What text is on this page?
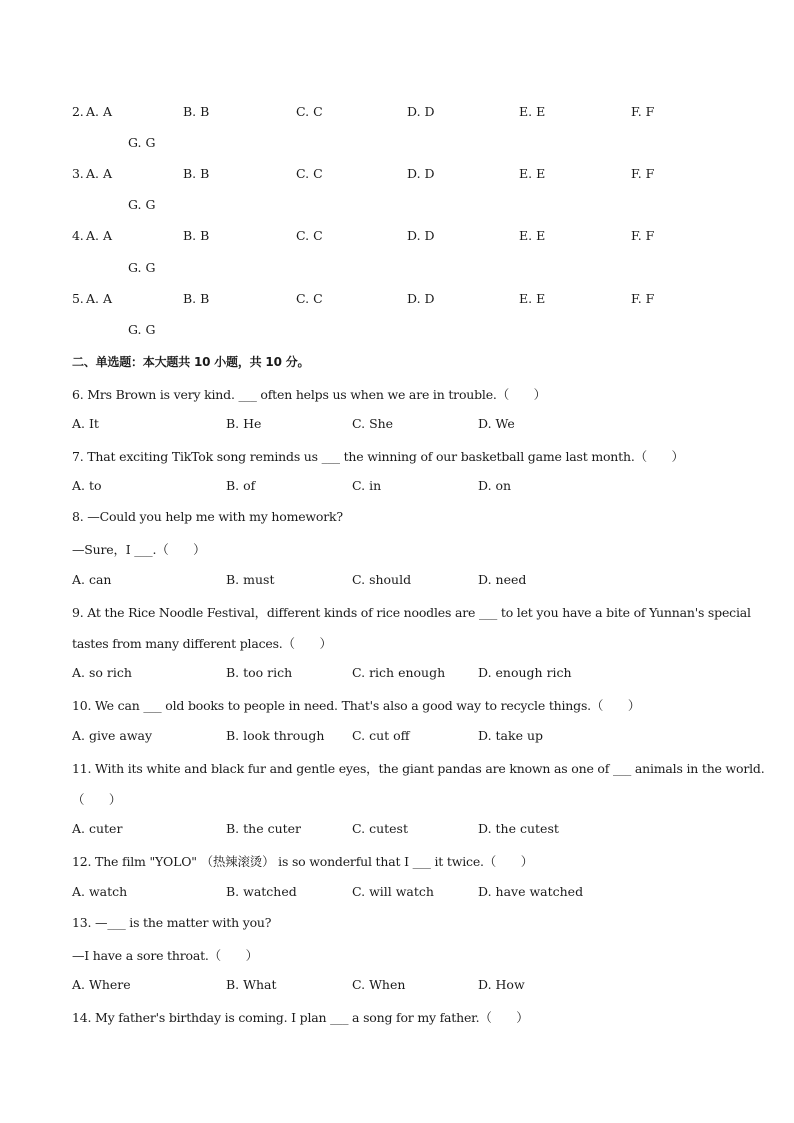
2. A. A	B. B	C. C	D. D	E. E	F. F
G. G
3. A. A	B. B	C. C	D. D	E. E	F. F
G. G
4. A. A	B. B	C. C	D. D	E. E	F. F
G. G
5. A. A	B. B	C. C	D. D	E. E	F. F
G. G
二、单选题：本大题共 10 小题，共 10 分。
6. Mrs Brown is very kind. ___ often helps us when we are in trouble.（　　）
A. It	B. He	C. She	D. We
7. That exciting TikTok song reminds us ___ the winning of our basketball game last month.（　　）
A. to	B. of	C. in	D. on
8. —Could you help me with my homework?
—Sure，I ___.（　　）
A. can	B. must	C. should	D. need
9. At the Rice Noodle Festival，different kinds of rice noodles are ___ to let you have a bite of Yunnan's special
tastes from many different places.（　　）
A. so rich	B. too rich	C. rich enough	D. enough rich
10. We can ___ old books to people in need. That's also a good way to recycle things.（　　）
A. give away	B. look through C. cut off	D. take up
11. With its white and black fur and gentle eyes，the giant pandas are known as one of ___ animals in the world.
（　　）
A. cuter	B. the cuter	C. cutest	D. the cutest
12. The film "YOLO" （热辣滚烫） is so wonderful that I ___ it twice.（　　）
A. watch	B. watched	C. will watch	D. have watched
13. —___ is the matter with you?
—I have a sore throat.（　　）
A. Where	B. What	C. When	D. How
14. My father's birthday is coming. I plan ___ a song for my father.（　　）
